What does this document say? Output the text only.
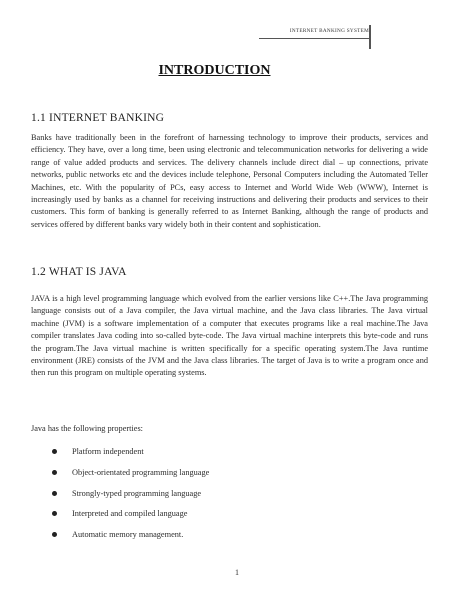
INTERNET BANKING SYSTEM
INTRODUCTION
1.1 INTERNET BANKING
Banks have traditionally been in the forefront of harnessing technology to improve their products, services and efficiency. They have, over a long time, been using electronic and telecommunication networks for delivering a wide range of value added products and services. The delivery channels include direct dial – up connections, private networks, public networks etc and the devices include telephone, Personal Computers including the Automated Teller Machines, etc. With the popularity of PCs, easy access to Internet and World Wide Web (WWW), Internet is increasingly used by banks as a channel for receiving instructions and delivering their products and services to their customers. This form of banking is generally referred to as Internet Banking, although the range of products and services offered by different banks vary widely both in their content and sophistication.
1.2 WHAT IS JAVA
JAVA is a high level programming language which evolved from the earlier versions like C++.The Java programming language consists out of a Java compiler, the Java virtual machine, and the Java class libraries. The Java virtual machine (JVM) is a software implementation of a computer that executes programs like a real machine.The Java compiler translates Java coding into so-called byte-code. The Java virtual machine interprets this byte-code and runs the program.The Java virtual machine is written specifically for a specific operating system.The Java runtime environment (JRE) consists of the JVM and the Java class libraries. The target of Java is to write a program once and then run this program on multiple operating systems.
Java has the following properties:
Platform independent
Object-orientated programming language
Strongly-typed programming language
Interpreted and compiled language
Automatic memory management.
1
